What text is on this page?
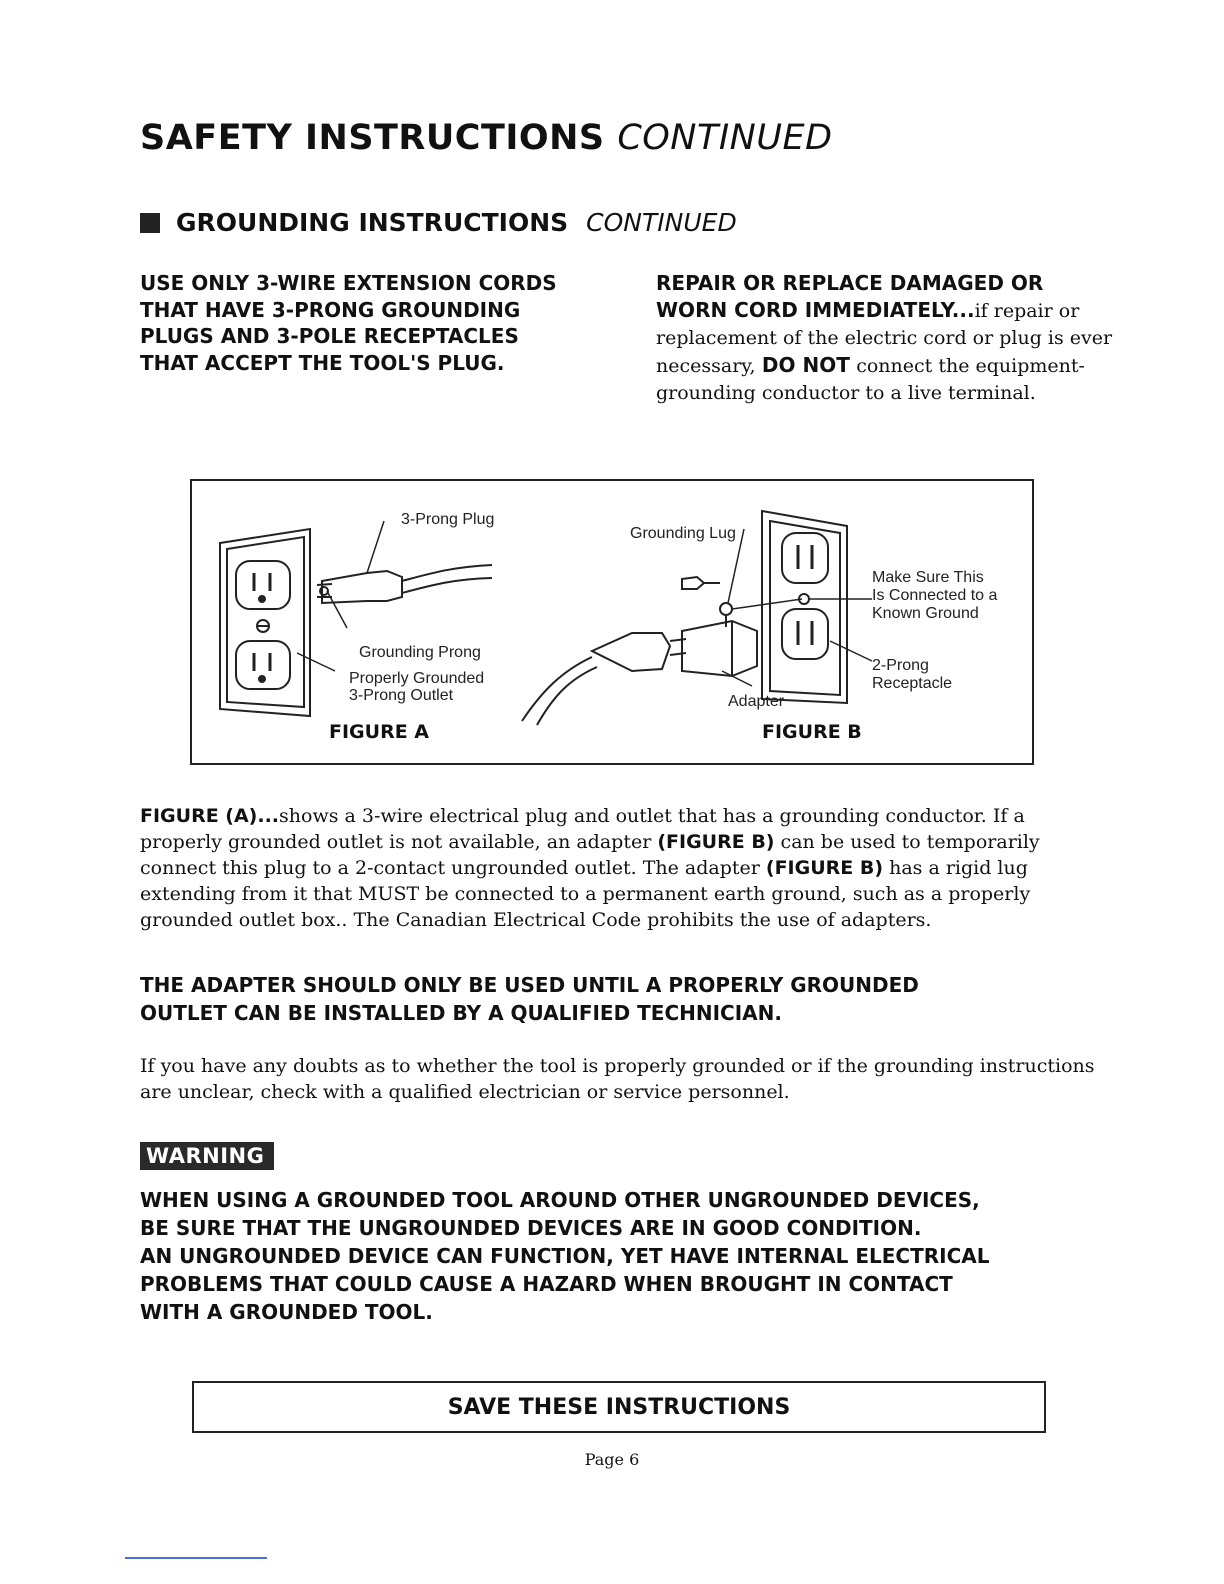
SAFETY INSTRUCTIONS CONTINUED
GROUNDING INSTRUCTIONS CONTINUED
USE ONLY 3-WIRE EXTENSION CORDS
THAT HAVE 3-PRONG GROUNDING
PLUGS AND 3-POLE RECEPTACLES
THAT ACCEPT THE TOOL'S PLUG.
REPAIR OR REPLACE DAMAGED OR
WORN CORD IMMEDIATELY...if repair or replacement of the electric cord or plug is ever necessary, DO NOT connect the equipment-grounding conductor to a live terminal.
3-Prong Plug
Grounding Prong
Properly Grounded
3-Prong Outlet
FIGURE A
Grounding Lug
Make Sure This
Is Connected to a
Known Ground
2-Prong
Receptacle
Adapter
FIGURE B
FIGURE (A)...shows a 3-wire electrical plug and outlet that has a grounding conductor. If a properly grounded outlet is not available, an adapter (FIGURE B) can be used to temporarily connect this plug to a 2-contact ungrounded outlet. The adapter (FIGURE B) has a rigid lug extending from it that MUST be connected to a permanent earth ground, such as a properly grounded outlet box.. The Canadian Electrical Code prohibits the use of adapters.
THE ADAPTER SHOULD ONLY BE USED UNTIL A PROPERLY GROUNDED
OUTLET CAN BE INSTALLED BY A QUALIFIED TECHNICIAN.
If you have any doubts as to whether the tool is properly grounded or if the grounding instructions are unclear, check with a qualified electrician or service personnel.
WARNING
WHEN USING A GROUNDED TOOL AROUND OTHER UNGROUNDED DEVICES,
BE SURE THAT THE UNGROUNDED DEVICES ARE IN GOOD CONDITION.
AN UNGROUNDED DEVICE CAN FUNCTION, YET HAVE INTERNAL ELECTRICAL
PROBLEMS THAT COULD CAUSE A HAZARD WHEN BROUGHT IN CONTACT
WITH A GROUNDED TOOL.
SAVE THESE INSTRUCTIONS
Page 6
